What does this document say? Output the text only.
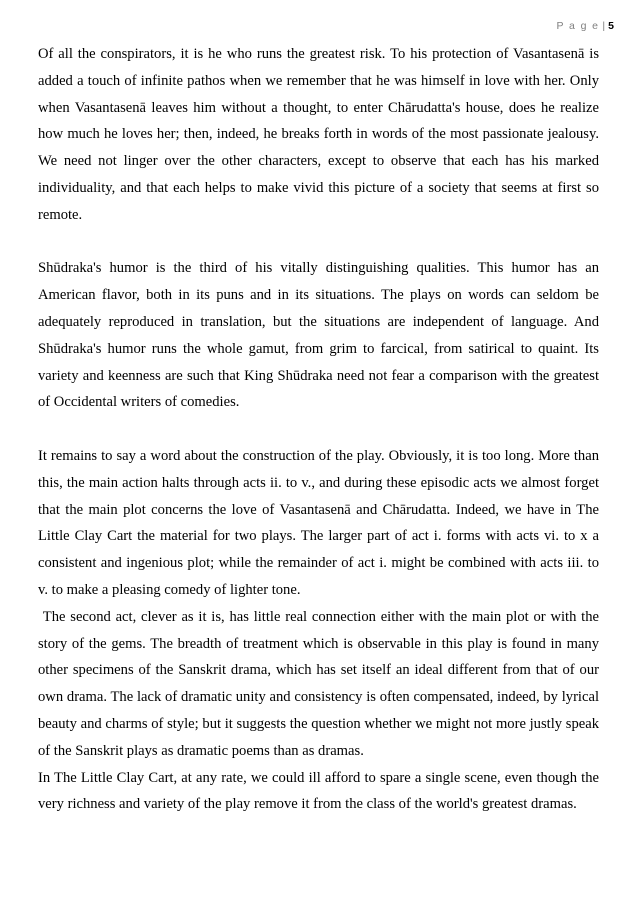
P a g e | 5

Of all the conspirators, it is he who runs the greatest risk. To his protection of Vasantasenā is added a touch of infinite pathos when we remember that he was himself in love with her. Only when Vasantasenā leaves him without a thought, to enter Chārudatta's house, does he realize how much he loves her; then, indeed, he breaks forth in words of the most passionate jealousy. We need not linger over the other characters, except to observe that each has his marked individuality, and that each helps to make vivid this picture of a society that seems at first so remote.

Shūdraka's humor is the third of his vitally distinguishing qualities. This humor has an American flavor, both in its puns and in its situations. The plays on words can seldom be adequately reproduced in translation, but the situations are independent of language. And Shūdraka's humor runs the whole gamut, from grim to farcical, from satirical to quaint. Its variety and keenness are such that King Shūdraka need not fear a comparison with the greatest of Occidental writers of comedies.

It remains to say a word about the construction of the play. Obviously, it is too long. More than this, the main action halts through acts ii. to v., and during these episodic acts we almost forget that the main plot concerns the love of Vasantasenā and Chārudatta. Indeed, we have in The Little Clay Cart the material for two plays. The larger part of act i. forms with acts vi. to x a consistent and ingenious plot; while the remainder of act i. might be combined with acts iii. to v. to make a pleasing comedy of lighter tone.

The second act, clever as it is, has little real connection either with the main plot or with the story of the gems. The breadth of treatment which is observable in this play is found in many other specimens of the Sanskrit drama, which has set itself an ideal different from that of our own drama. The lack of dramatic unity and consistency is often compensated, indeed, by lyrical beauty and charms of style; but it suggests the question whether we might not more justly speak of the Sanskrit plays as dramatic poems than as dramas.

In The Little Clay Cart, at any rate, we could ill afford to spare a single scene, even though the very richness and variety of the play remove it from the class of the world's greatest dramas.
